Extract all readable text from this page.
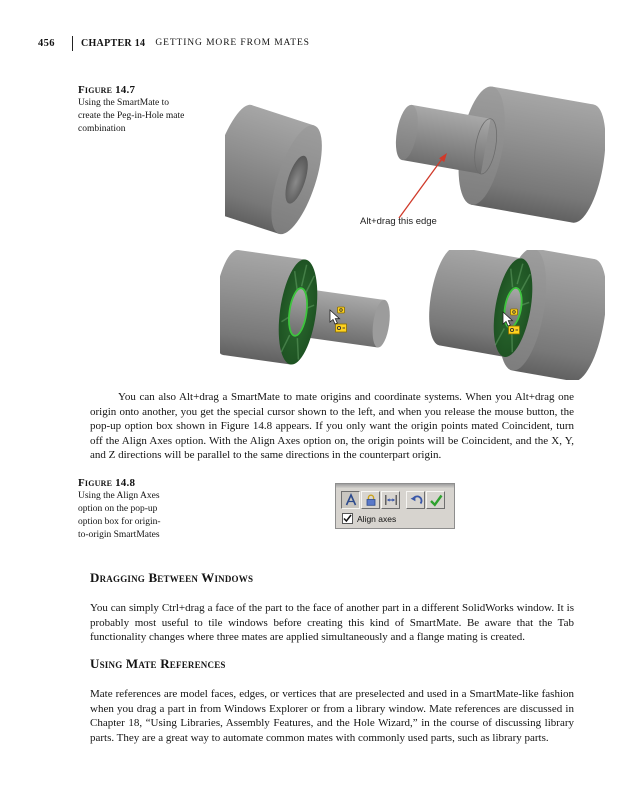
456	CHAPTER 14 GETTING MORE FROM MATES
Figure 14.7
Using the SmartMate to create the Peg-in-Hole mate combination
Alt+drag this edge

You can also Alt+drag a SmartMate to mate origins and coordinate systems. When you Alt+drag one origin onto another, you get the special cursor shown to the left, and when you release the mouse button, the pop-up option box shown in Figure 14.8 appears. If you only want the origin points mated Coincident, turn off the Align Axes option. With the Align Axes option on, the origin points will be Coincident, and the X, Y, and Z directions will be parallel to the same directions in the counterpart origin.

Figure 14.8
Using the Align Axes option on the pop-up option box for origin-to-origin SmartMates
Align axes
Dragging Between Windows

You can simply Ctrl+drag a face of the part to the face of another part in a different SolidWorks window. It is probably most useful to tile windows before creating this kind of SmartMate. Be aware that the Tab functionality changes where three mates are applied simultaneously and a flange mating is created.

Using Mate References

Mate references are model faces, edges, or vertices that are preselected and used in a SmartMate-like fashion when you drag a part in from Windows Explorer or from a library window. Mate references are discussed in Chapter 18, “Using Libraries, Assembly Features, and the Hole Wizard,” in the course of discussing library parts. They are a great way to automate common mates with commonly used parts, such as library parts.
